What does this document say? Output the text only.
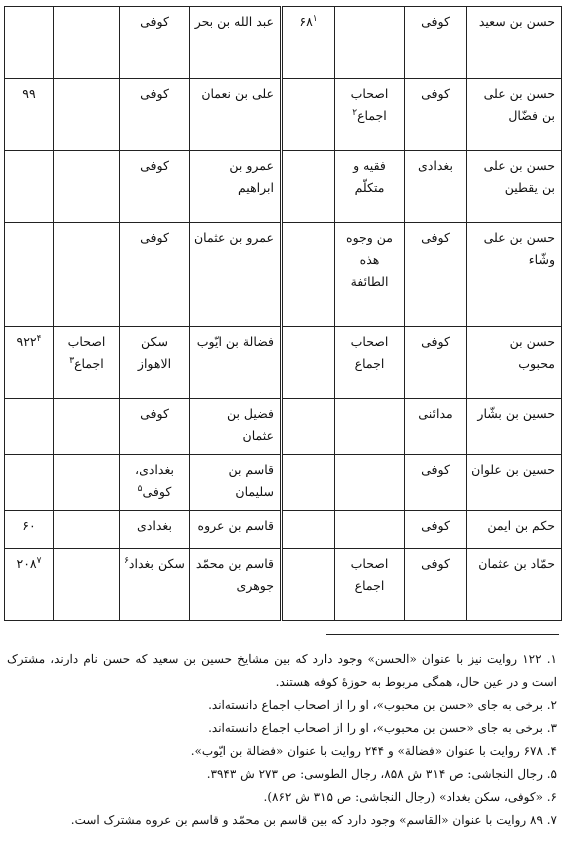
حسن بن سعید	کوفی		$۶۸^۱$	عبد الله بن بحر	کوفی		
حسن بن علی بن فضّال	کوفی	اصحاب اجماع$^۲$		علی بن نعمان	کوفی		۹۹
حسن بن علی بن یقطین	بغدادی	فقیه و متکلّم		عمرو بن ابراهیم	کوفی		
حسن بن علی وشّاء	کوفی	من وجوه هذه الطائفة		عمرو بن عثمان	کوفی		
حسن بن محبوب	کوفی	اصحاب اجماع		فضالة بن ایّوب	سکن الاهواز	اصحاب اجماع$^۳$	$۹۲۲^۴$
حسین بن بشّار	مدائنی			فضیل بن عثمان	کوفی		
حسین بن علوان	کوفی			قاسم بن سلیمان	بغدادی، کوفی$^۵$		
حکم بن ایمن	کوفی			قاسم بن عروه	بغدادی		۶۰
حمّاد بن عثمان	کوفی	اصحاب اجماع		قاسم بن محمّد جوهری	سکن بغداد$^۶$		$۲۰۸^۷$

۱. ۱۲۲ روایت نیز با عنوان «الحسن» وجود دارد که بین مشایخ حسین بن سعید که حسن نام دارند، مشترک است و در عین حال، همگی مربوط به حوزهٔ کوفه هستند.

۲. برخی به جای «حسن بن محبوب»، او را از اصحاب اجماع دانسته‌اند.

۳. برخی به جای «حسن بن محبوب»، او را از اصحاب اجماع دانسته‌اند.

۴. ۶۷۸ روایت با عنوان «فضالة» و ۲۴۴ روایت با عنوان «فضالة بن ایّوب».

۵. رجال النجاشی: ص ۳۱۴ ش ۸۵۸، رجال الطوسی: ص ۲۷۳ ش ۳۹۴۳.

۶. «کوفی، سکن بغداد» (رجال النجاشی: ص ۳۱۵ ش ۸۶۲).

۷. ۸۹ روایت با عنوان «القاسم» وجود دارد که بین قاسم بن محمّد و قاسم بن عروه مشترک است.
